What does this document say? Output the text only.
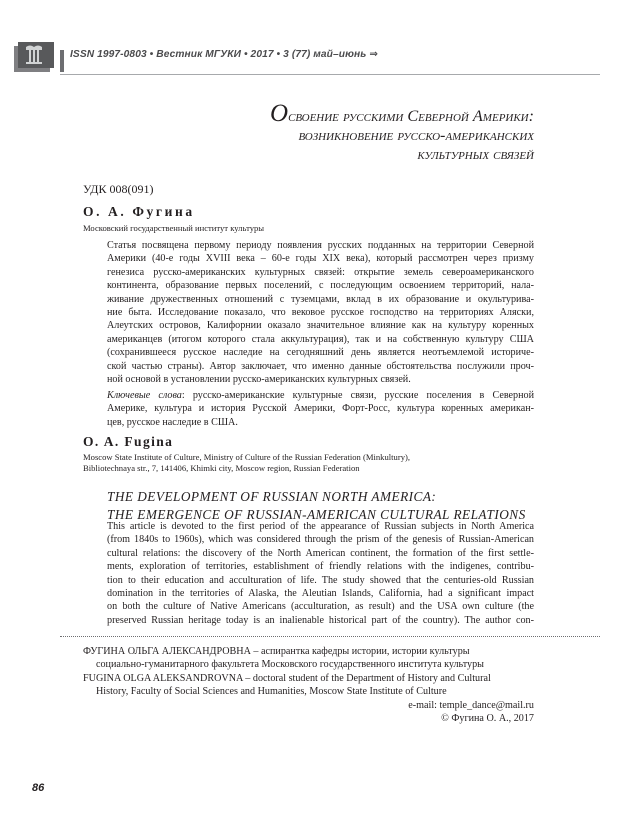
ISSN 1997-0803 • Вестник МГУКИ • 2017 • 3 (77) май–июнь ⇒
Освоение русскими Северной Америки:
возникновение русско-американских
культурных связей
УДК 008(091)
О. А. Фугина
Московский государственный институт культуры
Статья посвящена первому периоду появления русских подданных на территории Северной
Америки (40-е годы XVIII века – 60-е годы XIX века), который рассмотрен через призму
генезиса русско-американских культурных связей: открытие земель североамериканского
континента, образование первых поселений, с последующим освоением территорий, нала-
живание дружественных отношений с туземцами, вклад в их образование и окультурива-
ние быта. Исследование показало, что вековое русское господство на территориях Аляски,
Алеутских островов, Калифорнии оказало значительное влияние как на культуру коренных
американцев (итогом которого стала аккультурация), так и на собственную культуру США
(сохранившееся русское наследие на сегодняшний день является неотъемлемой историче-
ской частью страны). Автор заключает, что именно данные обстоятельства послужили проч-
ной основой в установлении русско-американских культурных связей.
Ключевые слова: русско-американские культурные связи, русские поселения в Северной
Америке, культура и история Русской Америки, Форт-Росс, культура коренных американ-
цев, русское наследие в США.
O. A. Fugina
Moscow State Institute of Culture, Ministry of Culture of the Russian Federation (Minkultury),
Bibliotechnaya str., 7, 141406, Khimki city, Moscow region, Russian Federation
THE DEVELOPMENT OF RUSSIAN NORTH AMERICA:
THE EMERGENCE OF RUSSIAN-AMERICAN CULTURAL RELATIONS
This article is devoted to the first period of the appearance of Russian subjects in North America
(from 1840s to 1960s), which was considered through the prism of the genesis of Russian-American
cultural relations: the discovery of the North American continent, the formation of the first settle-
ments, exploration of territories, establishment of friendly relations with the indigenes, contribu-
tion to their education and acculturation of life. The study showed that the centuries-old Russian
domination in the territories of Alaska, the Aleutian Islands, California, had a significant impact
on both the culture of Native Americans (acculturation, as result) and the USA own culture (the
preserved Russian heritage today is an inalienable historical part of the country). The author con-
ФУГИНА ОЛЬГА АЛЕКСАНДРОВНА – аспирантка кафедры истории, истории культуры
социально-гуманитарного факультета Московского государственного института культуры
FUGINA OLGA ALEKSANDROVNA – doctoral student of the Department of History and Cultural
History, Faculty of Social Sciences and Humanities, Moscow State Institute of Culture
e-mail: temple_dance@mail.ru
© Фугина О. А., 2017
86
